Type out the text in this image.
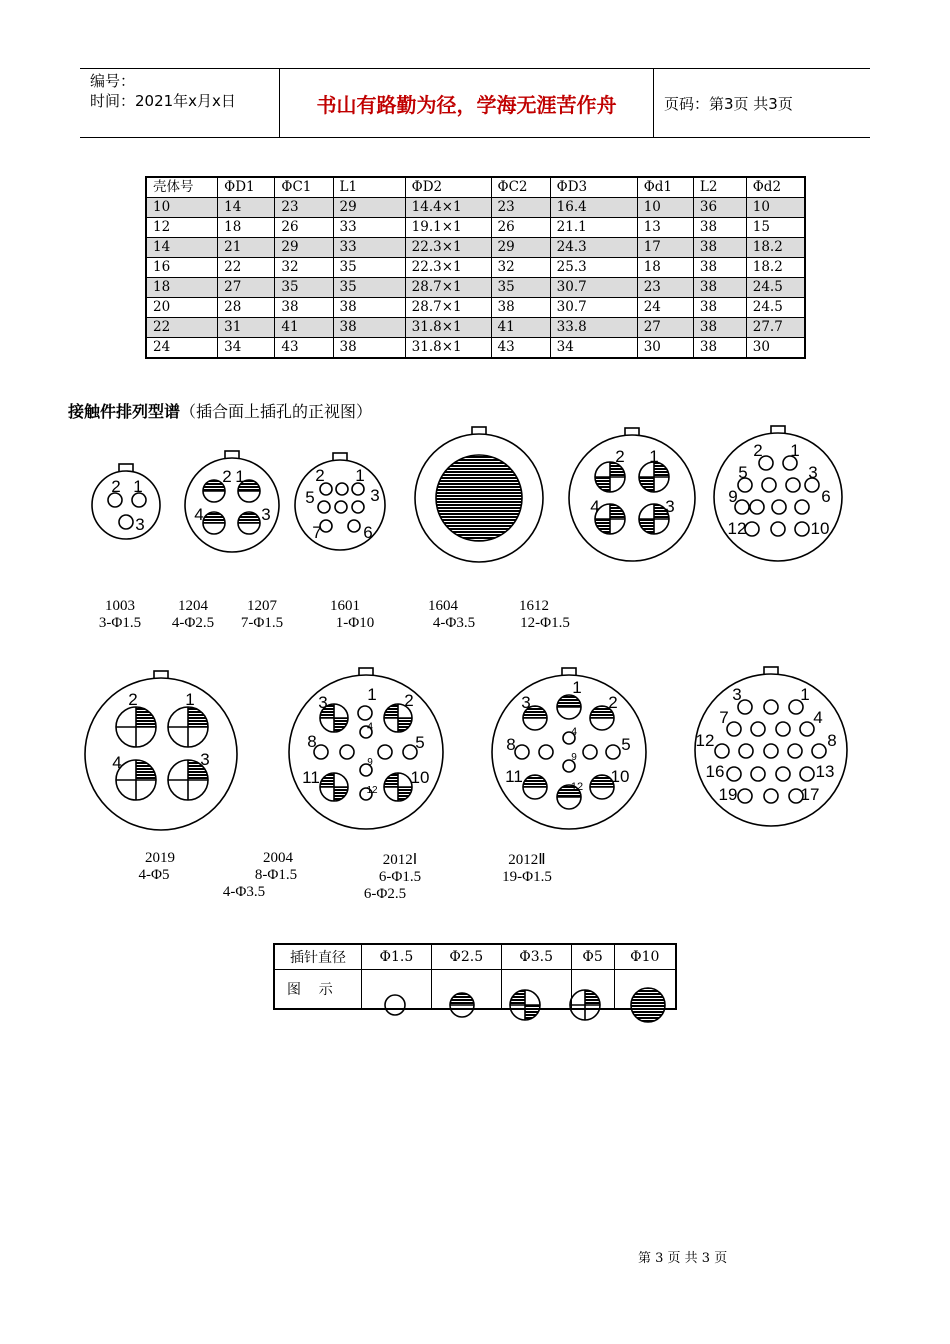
编号：
时间：2021年x月x日	书山有路勤为径，学海无涯苦作舟	页码：第3页 共3页
壳体号	ΦD1	ΦC1	L1	ΦD2	ΦC2	ΦD3	Φd1	L2	Φd2
10	14	23	29	14.4×1	23	16.4	10	36	10
12	18	26	33	19.1×1	26	21.1	13	38	15
14	21	29	33	22.3×1	29	24.3	17	38	18.2
16	22	32	35	22.3×1	32	25.3	18	38	18.2
18	27	35	35	28.7×1	35	30.7	23	38	24.5
20	28	38	38	28.7×1	38	30.7	24	38	24.5
22	31	41	38	31.8×1	41	33.8	27	38	27.7
24	34	43	38	31.8×1	43	34	30	38	30
接触件排列型谱（插合面上插孔的正视图）
1
2
3
1
2
3
4
1
2
3
5
6
7
1
2
3
4
1
2
3
5
6
9
10
12
1
2
3
4
1 2
3
4
5
8
9
10
11
12
1
2
3
4
5
8
9
10
11
12
1
3
4
7
8
12
13
16
17
19
1003
3-Φ1.5
1204
4-Φ2.5
1207
7-Φ1.5
1601
1-Φ10
1604
4-Φ3.5
1612
12-Φ1.5
2019
4-Φ5
2004
8-Φ1.5
4-Φ3.5
2012Ⅰ
6-Φ1.5
6-Φ2.5
2012Ⅱ
19-Φ1.5
插针直径	Φ1.5	Φ2.5	Φ3.5	Φ5	Φ10
图    示					
第 3 页 共 3 页
